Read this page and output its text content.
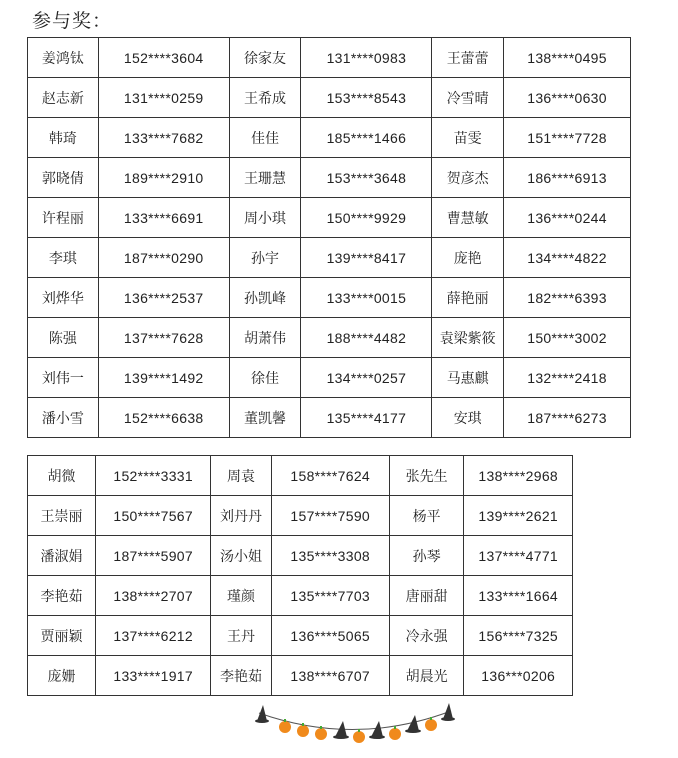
参与奖：
姜鸿钛	152****3604	徐家友	131****0983	王蕾蕾	138****0495
赵志新	131****0259	王希成	153****8543	冷雪晴	136****0630
韩琦	133****7682	佳佳	185****1466	苗雯	151****7728
郭晓倩	189****2910	王珊慧	153****3648	贺彦杰	186****6913
许程丽	133****6691	周小琪	150****9929	曹慧敏	136****0244
李琪	187****0290	孙宇	139****8417	庞艳	134****4822
刘烨华	136****2537	孙凯峰	133****0015	薛艳丽	182****6393
陈强	137****7628	胡萧伟	188****4482	袁梁紫筱	150****3002
刘伟一	139****1492	徐佳	134****0257	马惠麒	132****2418
潘小雪	152****6638	董凯馨	135****4177	安琪	187****6273
胡微	152****3331	周袁	158****7624	张先生	138****2968
王崇丽	150****7567	刘丹丹	157****7590	杨平	139****2621
潘淑娟	187****5907	汤小姐	135****3308	孙琴	137****4771
李艳茹	138****2707	瑾颜	135****7703	唐丽甜	133****1664
贾丽颖	137****6212	王丹	136****5065	冷永强	156****7325
庞姗	133****1917	李艳茹	138****6707	胡晨光	136***0206
